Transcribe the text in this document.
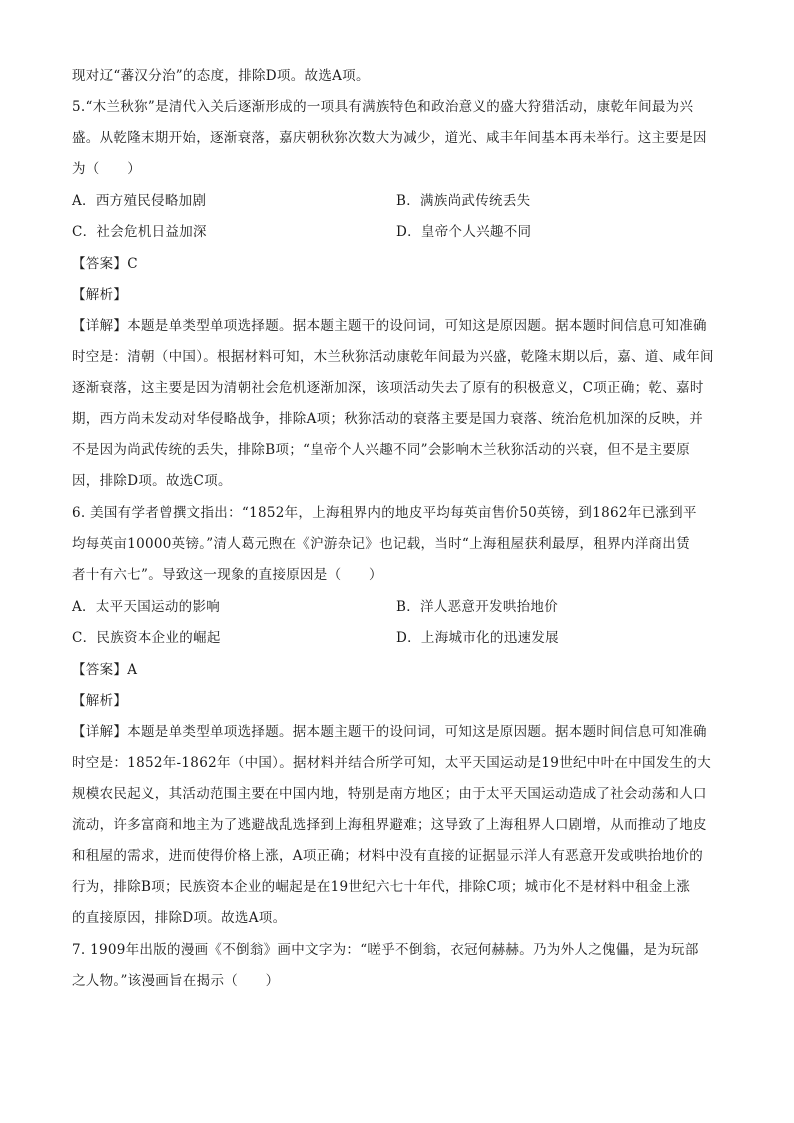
现对辽“蕃汉分治”的态度，排除D项。故选A项。
5.“木兰秋狝”是清代入关后逐渐形成的一项具有满族特色和政治意义的盛大狩猎活动，康乾年间最为兴
盛。从乾隆末期开始，逐渐衰落，嘉庆朝秋狝次数大为减少，道光、咸丰年间基本再未举行。这主要是因
为（　　）
A．西方殖民侵略加剧	B．满族尚武传统丢失
C．社会危机日益加深	D．皇帝个人兴趣不同
【答案】C
【解析】
【详解】本题是单类型单项选择题。据本题主题干的设问词，可知这是原因题。据本题时间信息可知准确
时空是：清朝（中国）。根据材料可知，木兰秋狝活动康乾年间最为兴盛，乾隆末期以后，嘉、道、咸年间
逐渐衰落，这主要是因为清朝社会危机逐渐加深，该项活动失去了原有的积极意义，C项正确；乾、嘉时
期，西方尚未发动对华侵略战争，排除A项；秋狝活动的衰落主要是国力衰落、统治危机加深的反映，并
不是因为尚武传统的丢失，排除B项；“皇帝个人兴趣不同”会影响木兰秋狝活动的兴衰，但不是主要原
因，排除D项。故选C项。
6. 美国有学者曾撰文指出：“1852年，上海租界内的地皮平均每英亩售价50英镑，到1862年已涨到平
均每英亩10000英镑。”清人葛元煦在《沪游杂记》也记载，当时“上海租屋获利最厚，租界内洋商出赁
者十有六七”。导致这一现象的直接原因是（　　）
A．太平天国运动的影响	B．洋人恶意开发哄抬地价
C．民族资本企业的崛起	D．上海城市化的迅速发展
【答案】A
【解析】
【详解】本题是单类型单项选择题。据本题主题干的设问词，可知这是原因题。据本题时间信息可知准确
时空是：1852年-1862年（中国）。据材料并结合所学可知，太平天国运动是19世纪中叶在中国发生的大
规模农民起义，其活动范围主要在中国内地，特别是南方地区；由于太平天国运动造成了社会动荡和人口
流动，许多富商和地主为了逃避战乱选择到上海租界避难；这导致了上海租界人口剧增，从而推动了地皮
和租屋的需求，进而使得价格上涨，A项正确；材料中没有直接的证据显示洋人有恶意开发或哄抬地价的
行为，排除B项；民族资本企业的崛起是在19世纪六七十年代，排除C项；城市化不是材料中租金上涨
的直接原因，排除D项。故选A项。
7. 1909年出版的漫画《不倒翁》画中文字为：“嗟乎不倒翁，衣冠何赫赫。乃为外人之傀儡，是为玩部
之人物。”该漫画旨在揭示（　　）
